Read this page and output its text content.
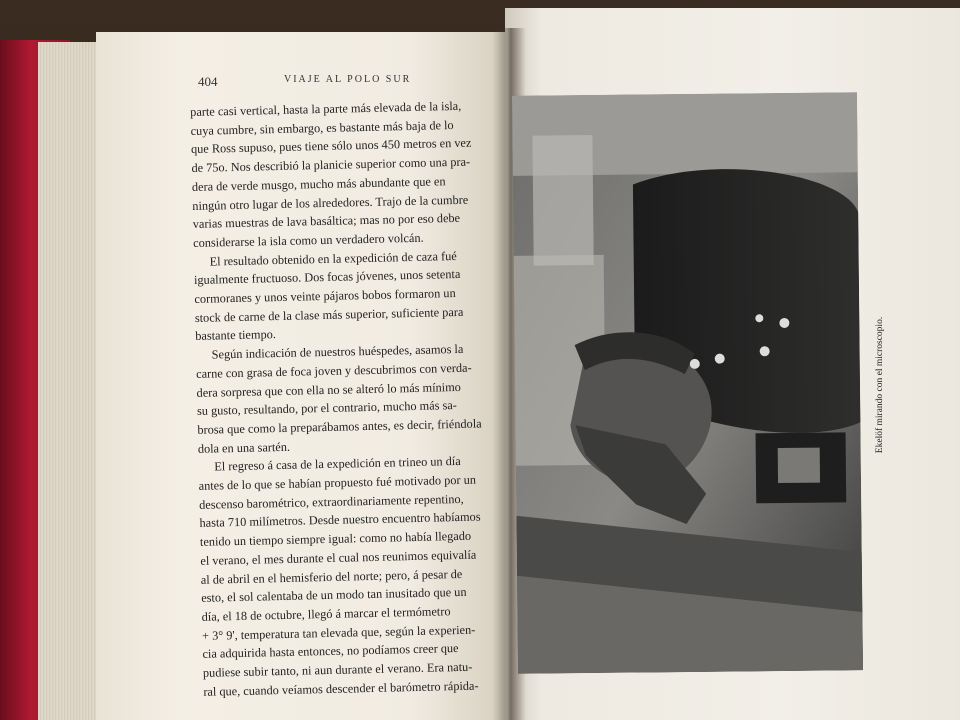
404	VIAJE AL POLO SUR

parte casi vertical, hasta la parte más elevada de la isla,

cuya cumbre, sin embargo, es bastante más baja de lo

que Ross supuso, pues tiene sólo unos 450 metros en vez

de 75o. Nos describió la planicie superior como una pra-

dera de verde musgo, mucho más abundante que en

ningún otro lugar de los alrededores. Trajo de la cumbre

varias muestras de lava basáltica; mas no por eso debe

considerarse la isla como un verdadero volcán.

El resultado obtenido en la expedición de caza fué

igualmente fructuoso. Dos focas jóvenes, unos setenta

cormoranes y unos veinte pájaros bobos formaron un

stock de carne de la clase más superior, suficiente para

bastante tiempo.

Según indicación de nuestros huéspedes, asamos la

carne con grasa de foca joven y descubrimos con verda-

dera sorpresa que con ella no se alteró lo más mínimo

su gusto, resultando, por el contrario, mucho más sa-

brosa que como la preparábamos antes, es decir, friéndola

dola en una sartén.

El regreso á casa de la expedición en trineo un día

antes de lo que se habían propuesto fué motivado por un

descenso barométrico, extraordinariamente repentino,

hasta 710 milímetros. Desde nuestro encuentro habíamos

tenido un tiempo siempre igual: como no había llegado

el verano, el mes durante el cual nos reunimos equivalía

al de abril en el hemisferio del norte; pero, á pesar de

esto, el sol calentaba de un modo tan inusitado que un

día, el 18 de octubre, llegó á marcar el termómetro

+ 3° 9', temperatura tan elevada que, según la experien-

cia adquirida hasta entonces, no podíamos creer que

pudiese subir tanto, ni aun durante el verano. Era natu-

ral que, cuando veíamos descender el barómetro rápida-

Ekelöf mirando con el microscopio.
